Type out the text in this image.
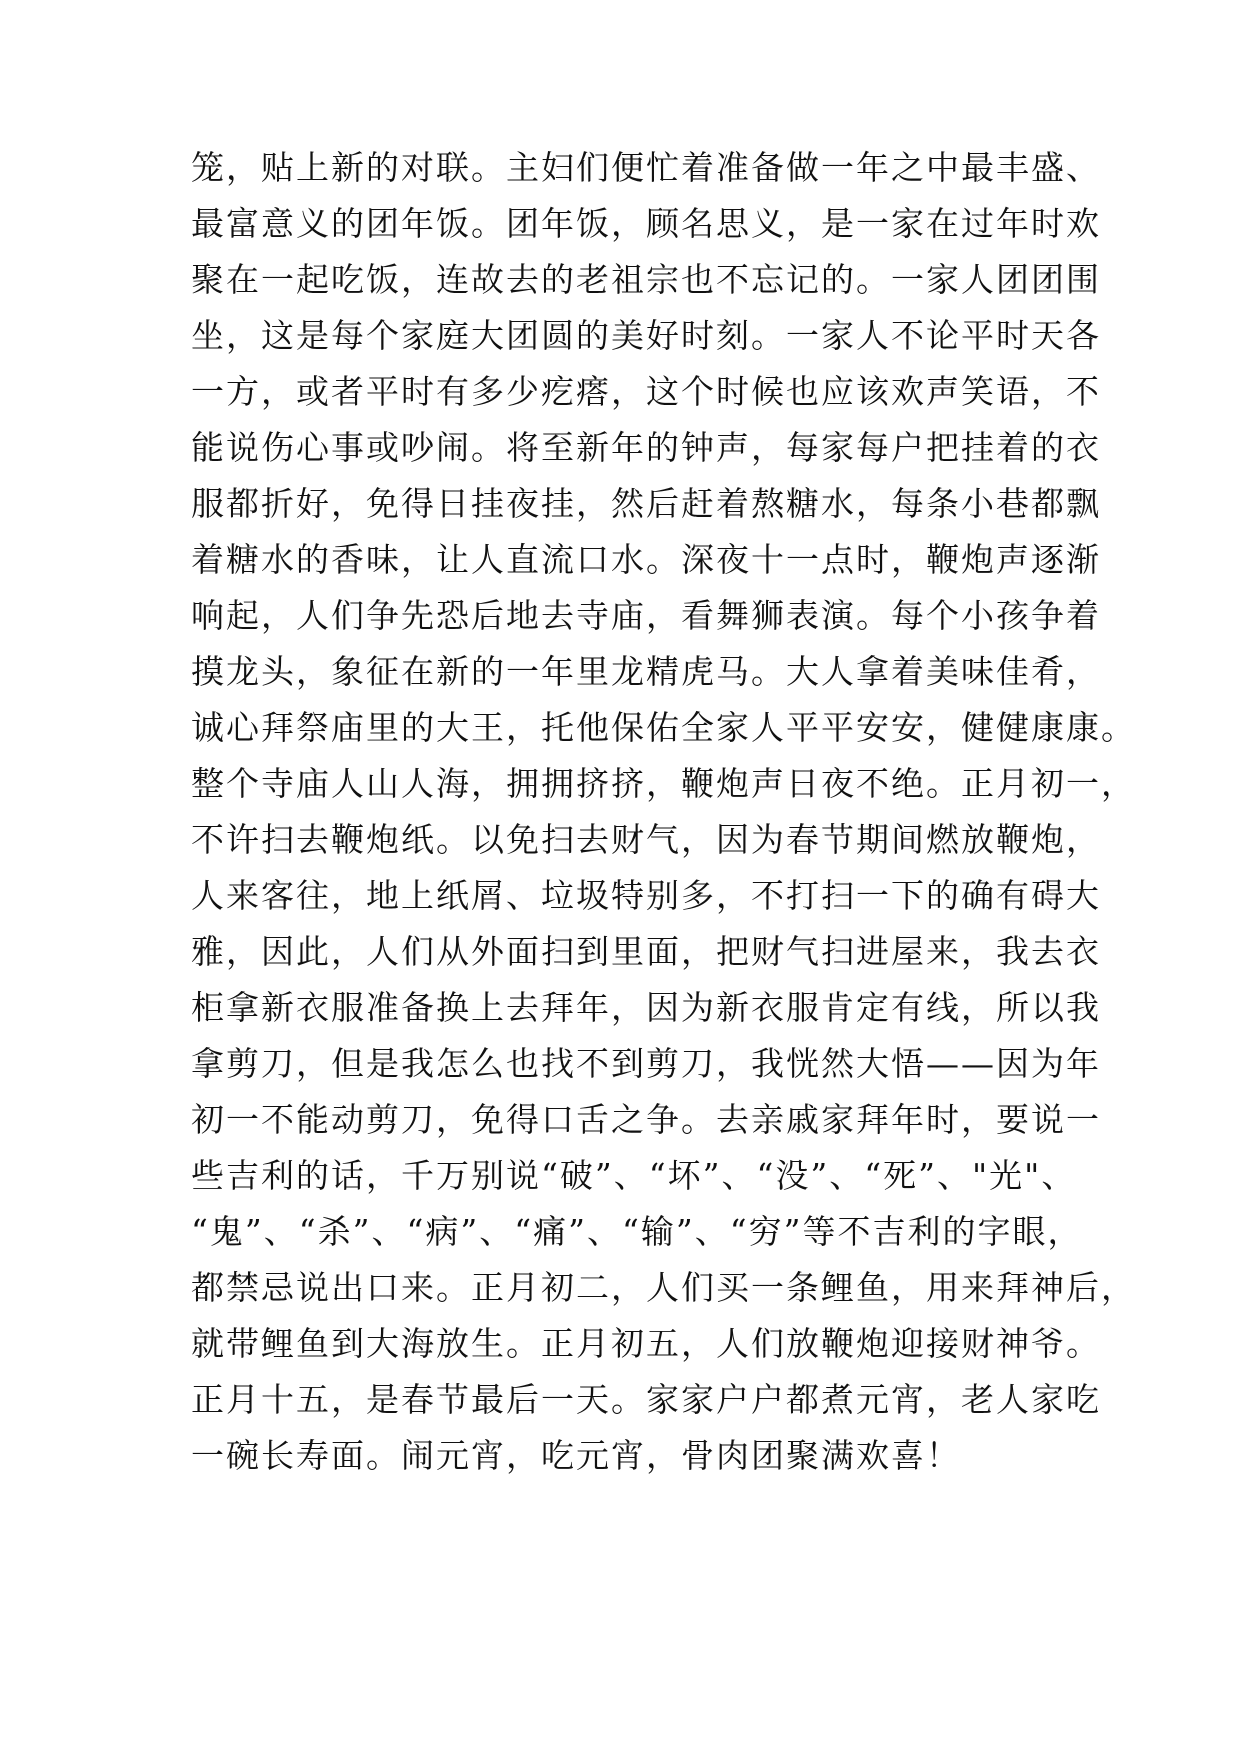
笼，贴上新的对联。主妇们便忙着准备做一年之中最丰盛、
最富意义的团年饭。团年饭，顾名思义，是一家在过年时欢
聚在一起吃饭，连故去的老祖宗也不忘记的。一家人团团围
坐，这是每个家庭大团圆的美好时刻。一家人不论平时天各
一方，或者平时有多少疙瘩，这个时候也应该欢声笑语，不
能说伤心事或吵闹。将至新年的钟声，每家每户把挂着的衣
服都折好，免得日挂夜挂，然后赶着熬糖水，每条小巷都飘
着糖水的香味，让人直流口水。深夜十一点时，鞭炮声逐渐
响起，人们争先恐后地去寺庙，看舞狮表演。每个小孩争着
摸龙头，象征在新的一年里龙精虎马。大人拿着美味佳肴，
诚心拜祭庙里的大王，托他保佑全家人平平安安，健健康康。
整个寺庙人山人海，拥拥挤挤，鞭炮声日夜不绝。正月初一，
不许扫去鞭炮纸。以免扫去财气，因为春节期间燃放鞭炮，
人来客往，地上纸屑、垃圾特别多，不打扫一下的确有碍大
雅，因此，人们从外面扫到里面，把财气扫进屋来，我去衣
柜拿新衣服准备换上去拜年，因为新衣服肯定有线，所以我
拿剪刀，但是我怎么也找不到剪刀，我恍然大悟——因为年
初一不能动剪刀，免得口舌之争。去亲戚家拜年时，要说一
些吉利的话，千万别说“破”、“坏”、“没”、“死”、"光"、
“鬼”、“杀”、“病”、“痛”、“输”、“穷”等不吉利的字眼，
都禁忌说出口来。正月初二，人们买一条鲤鱼，用来拜神后，
就带鲤鱼到大海放生。正月初五，人们放鞭炮迎接财神爷。
正月十五，是春节最后一天。家家户户都煮元宵，老人家吃
一碗长寿面。闹元宵，吃元宵，骨肉团聚满欢喜！
